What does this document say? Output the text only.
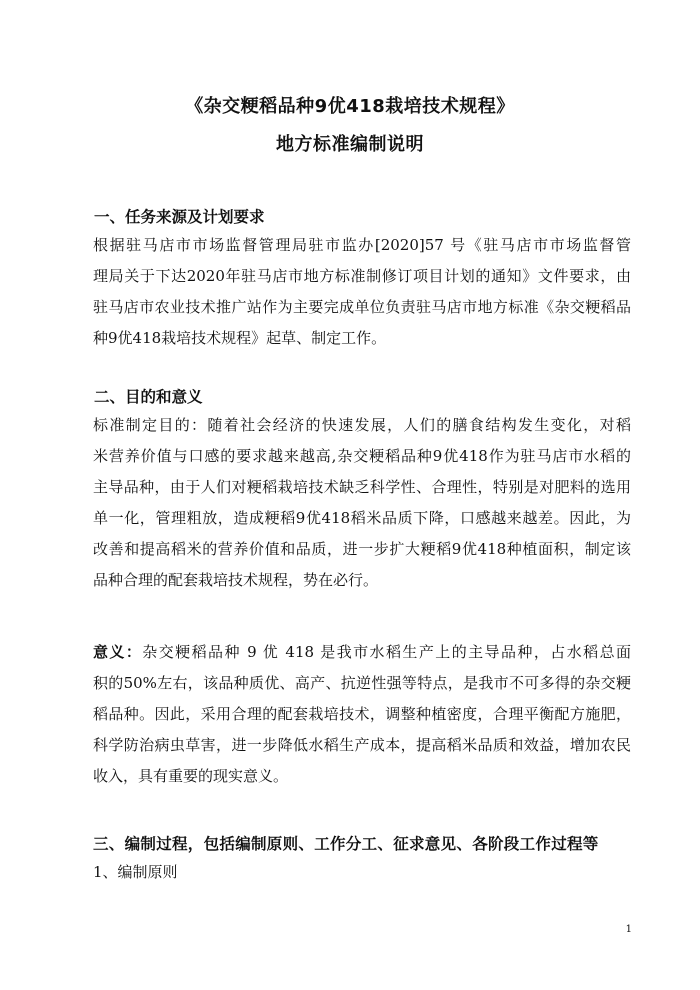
《杂交粳稻品种9优418栽培技术规程》
地方标准编制说明
一、任务来源及计划要求
根据驻马店市市场监督管理局驻市监办[2020]57 号《驻马店市市场监督管
理局关于下达2020年驻马店市地方标准制修订项目计划的通知》文件要求，由
驻马店市农业技术推广站作为主要完成单位负责驻马店市地方标准《杂交粳稻品
种9优418栽培技术规程》起草、制定工作。
二、目的和意义
标准制定目的：随着社会经济的快速发展，人们的膳食结构发生变化，对稻
米营养价值与口感的要求越来越高,杂交粳稻品种9优418作为驻马店市水稻的
主导品种，由于人们对粳稻栽培技术缺乏科学性、合理性，特别是对肥料的选用
单一化，管理粗放，造成粳稻9优418稻米品质下降，口感越来越差。因此，为
改善和提高稻米的营养价值和品质，进一步扩大粳稻9优418种植面积，制定该
品种合理的配套栽培技术规程，势在必行。
意义：杂交粳稻品种 9 优 418 是我市水稻生产上的主导品种，占水稻总面
积的50%左右，该品种质优、高产、抗逆性强等特点，是我市不可多得的杂交粳
稻品种。因此，采用合理的配套栽培技术，调整种植密度，合理平衡配方施肥，
科学防治病虫草害，进一步降低水稻生产成本，提高稻米品质和效益，增加农民
收入，具有重要的现实意义。
三、编制过程，包括编制原则、工作分工、征求意见、各阶段工作过程等
1、编制原则
1
